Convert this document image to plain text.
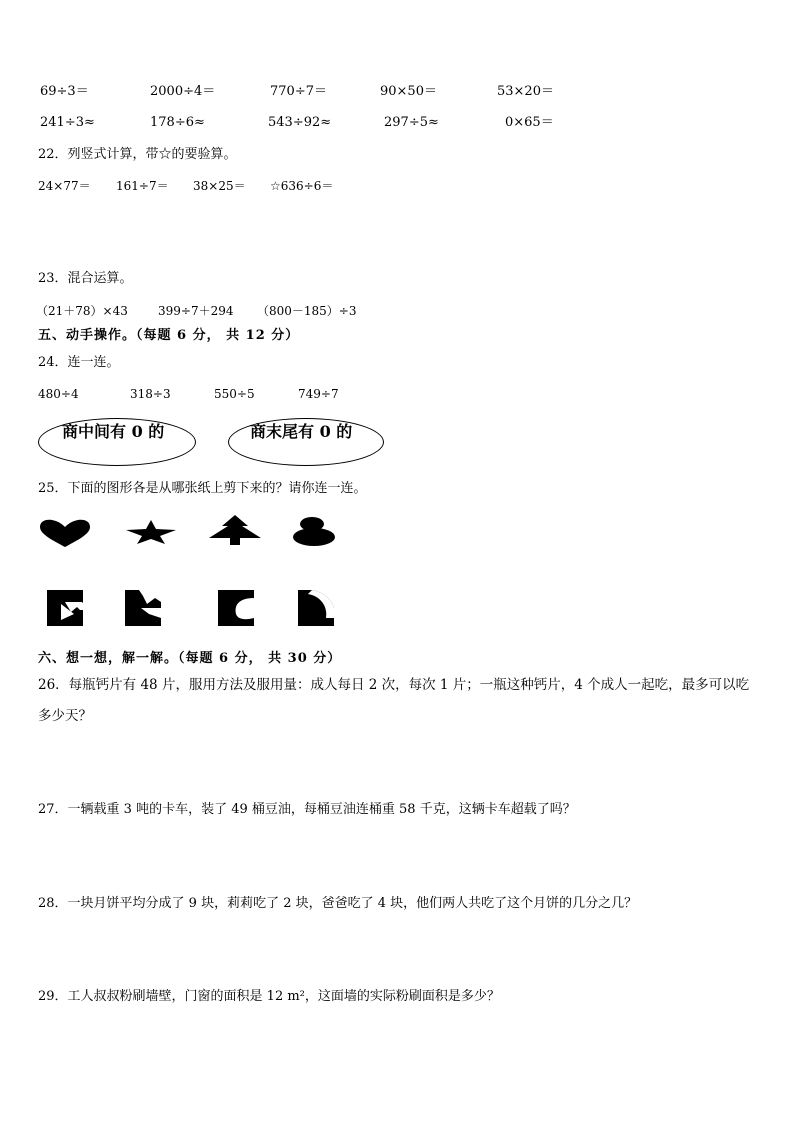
69÷3＝	2000÷4＝	770÷7＝	90×50＝	53×20＝
241÷3≈	178÷6≈	543÷92≈	297÷5≈	0×65＝
22．列竖式计算，带☆的要验算。
24×77＝ 161÷7＝ 38×25＝ ☆636÷6＝
23．混合运算。
（21＋78）×43	399÷7＋294 （800－185）÷3
五、动手操作。（每题 6 分， 共 12 分）
24．连一连。
480÷4	318÷3	550÷5	749÷7
商中间有 0 的	商末尾有 0 的
25．下面的图形各是从哪张纸上剪下来的？请你连一连。
六、想一想，解一解。（每题 6 分， 共 30 分）
26．每瓶钙片有 48 片，服用方法及服用量：成人每日 2 次，每次 1 片；一瓶这种钙片，4 个成人一起吃，最多可以吃
多少天？
27．一辆载重 3 吨的卡车，装了 49 桶豆油，每桶豆油连桶重 58 千克，这辆卡车超载了吗？
28．一块月饼平均分成了 9 块，莉莉吃了 2 块，爸爸吃了 4 块，他们两人共吃了这个月饼的几分之几？
29．工人叔叔粉刷墙壁，门窗的面积是 12 m²，这面墙的实际粉刷面积是多少？
